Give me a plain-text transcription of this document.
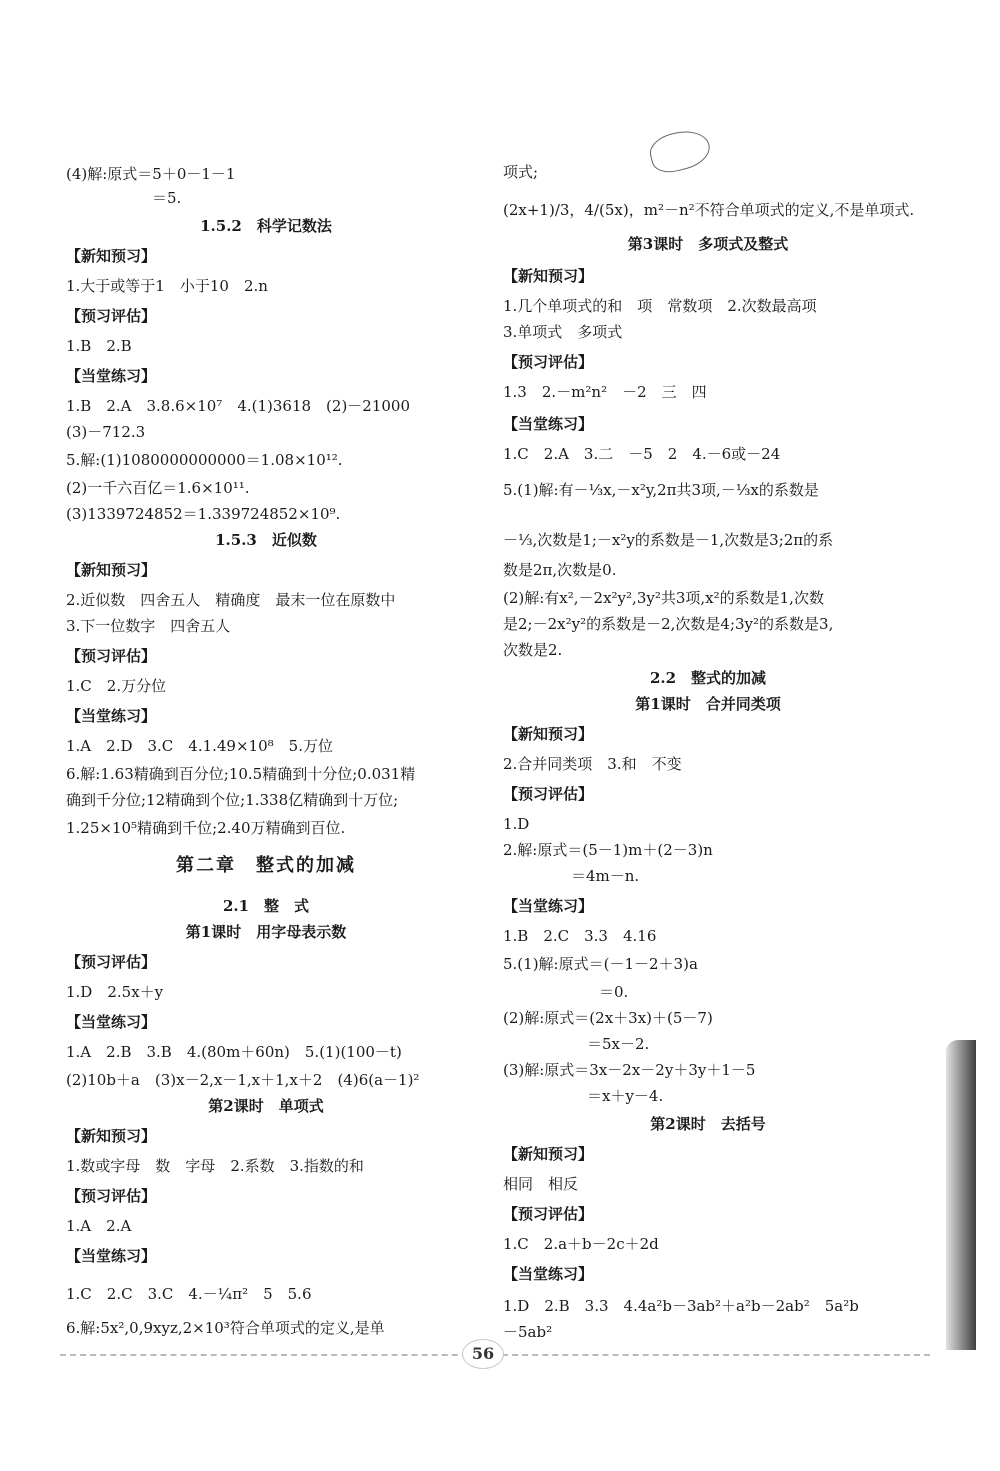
(4)解:原式＝5＋0－1－1
＝5.
1.5.2　科学记数法
【新知预习】
1.大于或等于1　小于10　2.n
【预习评估】
1.B　2.B
【当堂练习】
1.B　2.A　3.8.6×10⁷　4.(1)3618　(2)－21000
(3)－712.3
5.解:(1)1080000000000＝1.08×10¹².
(2)一千六百亿＝1.6×10¹¹.
(3)1339724852＝1.339724852×10⁹.
1.5.3　近似数
【新知预习】
2.近似数　四舍五人　精确度　最末一位在原数中
3.下一位数字　四舍五人
【预习评估】
1.C　2.万分位
【当堂练习】
1.A　2.D　3.C　4.1.49×10⁸　5.万位
6.解:1.63精确到百分位;10.5精确到十分位;0.031精
确到千分位;12精确到个位;1.338亿精确到十万位;
1.25×10⁵精确到千位;2.40万精确到百位.
第二章　整式的加减
2.1　整　式
第1课时　用字母表示数
【预习评估】
1.D　2.5x＋y
【当堂练习】
1.A　2.B　3.B　4.(80m＋60n)　5.(1)(100－t)
(2)10b＋a　(3)x－2,x－1,x＋1,x＋2　(4)6(a－1)²
第2课时　单项式
【新知预习】
1.数或字母　数　字母　2.系数　3.指数的和
【预习评估】
1.A　2.A
【当堂练习】
1.C　2.C　3.C　4.－¼π²　5　5.6
6.解:5x²,0,9xyz,2×10³符合单项式的定义,是单
项式;
(2x+1)/3，4/(5x)，m²－n²不符合单项式的定义,不是单项式.
第3课时　多项式及整式
【新知预习】
1.几个单项式的和　项　常数项　2.次数最高项
3.单项式　多项式
【预习评估】
1.3　2.－m²n²　－2　三　四
【当堂练习】
1.C　2.A　3.二　－5　2　4.－6或－24
5.(1)解:有－⅓x,－x²y,2π共3项,－⅓x的系数是
－⅓,次数是1;－x²y的系数是－1,次数是3;2π的系
数是2π,次数是0.
(2)解:有x²,－2x²y²,3y²共3项,x²的系数是1,次数
是2;－2x²y²的系数是－2,次数是4;3y²的系数是3,
次数是2.
2.2　整式的加减
第1课时　合并同类项
【新知预习】
2.合并同类项　3.和　不变
【预习评估】
1.D
2.解:原式＝(5－1)m＋(2－3)n
＝4m－n.
【当堂练习】
1.B　2.C　3.3　4.16
5.(1)解:原式＝(－1－2＋3)a
＝0.
(2)解:原式＝(2x＋3x)＋(5－7)
＝5x－2.
(3)解:原式＝3x－2x－2y＋3y＋1－5
＝x＋y－4.
第2课时　去括号
【新知预习】
相同　相反
【预习评估】
1.C　2.a＋b－2c＋2d
【当堂练习】
1.D　2.B　3.3　4.4a²b－3ab²＋a²b－2ab²　5a²b
－5ab²
56
